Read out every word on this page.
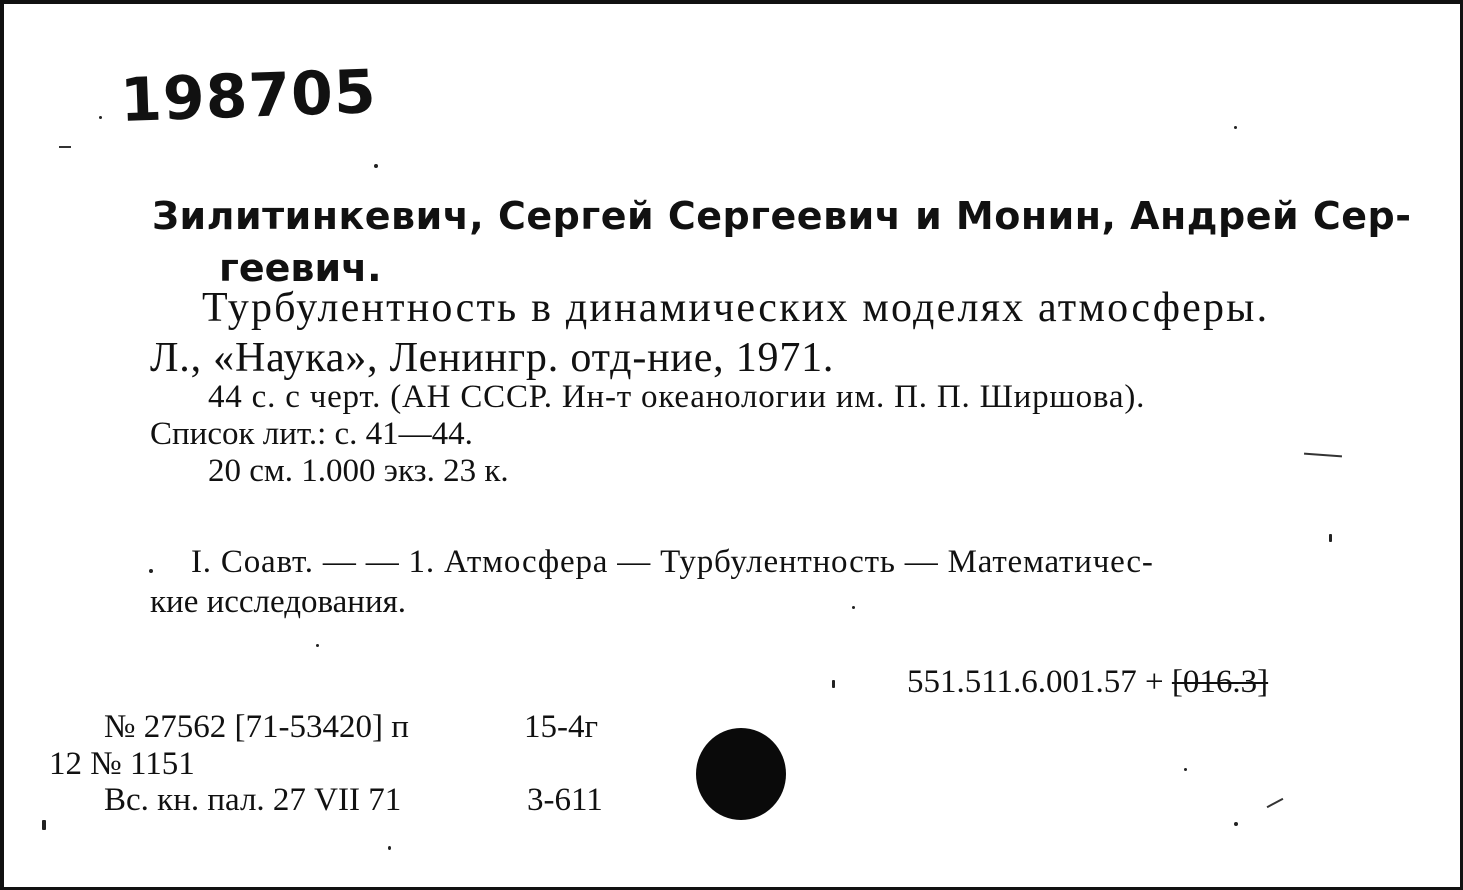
198705
Зилитинкевич, Сергей Сергеевич и Монин, Андрей Сер-
геевич.
Турбулентность в динамических моделях атмосферы.
Л., «Наука», Ленингр. отд-ние, 1971.
44 с. с черт. (АН СССР. Ин-т океанологии им. П. П. Ширшова).
Список лит.: с. 41—44.
20 см. 1.000 экз. 23 к.
I. Соавт. — — 1. Атмосфера — Турбулентность — Математичес-
кие исследования.
551.511.6.001.57 + [016.3]
№ 27562 [71-53420] п
12 № 1151
Вс. кн. пал. 27 VII 71
15-4г
3-611
